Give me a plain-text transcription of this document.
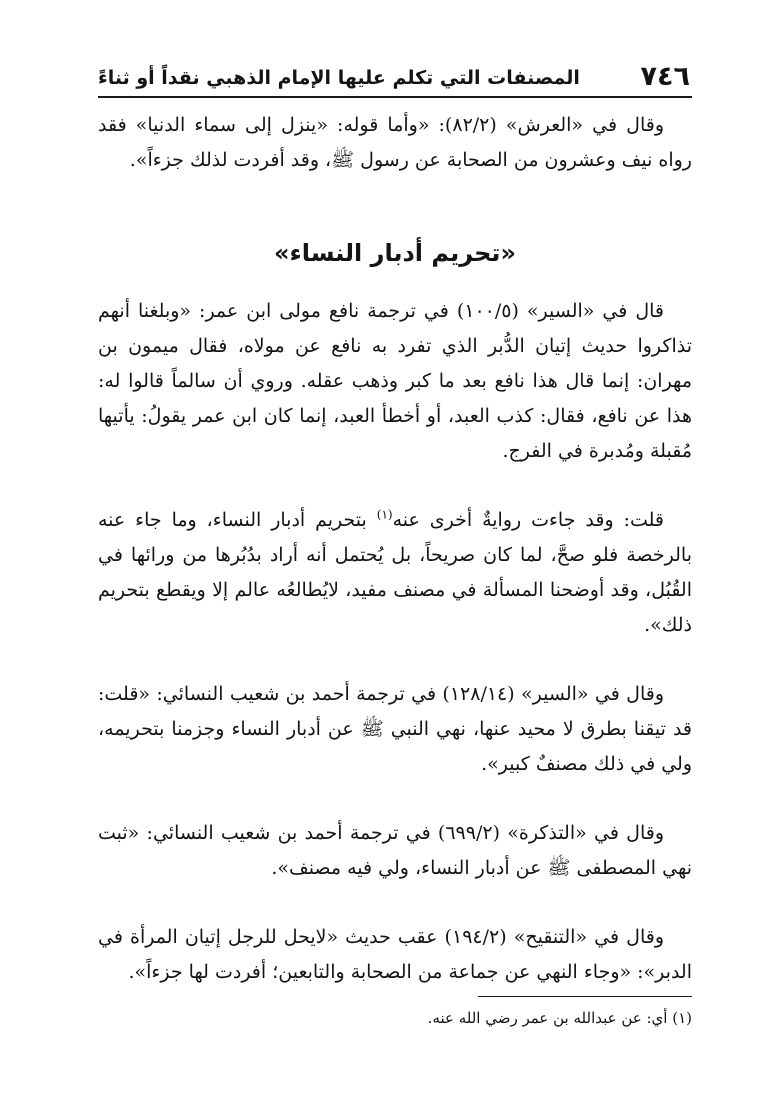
٧٤٦
المصنفات التي تكلم عليها الإمام الذهبي نقداً أو ثناءً

وقال في «العرش» (٨٢/٢): «وأما قوله: «ينزل إلى سماء الدنيا» فقد رواه نيف وعشرون من الصحابة عن رسول ﷺ، وقد أفردت لذلك جزءاً».

«تحريم أدبار النساء»

قال في «السير» (١٠٠/٥) في ترجمة نافع مولى ابن عمر: «وبلغنا أنهم تذاكروا حديث إتيان الدُّبر الذي تفرد به نافع عن مولاه، فقال ميمون بن مهران: إنما قال هذا نافع بعد ما كبر وذهب عقله. وروي أن سالماً قالوا له: هذا عن نافع، فقال: كذب العبد، أو أخطأ العبد، إنما كان ابن عمر يقولُ: يأتيها مُقبلة ومُدبرة في الفرج.

قلت: وقد جاءت روايةٌ أخرى عنه$^{(١)}$ بتحريم أدبار النساء، وما جاء عنه بالرخصة فلو صحَّ، لما كان صريحاً، بل يُحتمل أنه أراد بدُبُرها من ورائها في القُبُل، وقد أوضحنا المسألة في مصنف مفيد، لايُطالعُه عالم إلا ويقطع بتحريم ذلك».

وقال في «السير» (١٢٨/١٤) في ترجمة أحمد بن شعيب النسائي: «قلت: قد تيقنا بطرق لا محيد عنها، نهي النبي ﷺ عن أدبار النساء وجزمنا بتحريمه، ولي في ذلك مصنفٌ كبير».

وقال في «التذكرة» (٦٩٩/٢) في ترجمة أحمد بن شعيب النسائي: «ثبت نهي المصطفى ﷺ عن أدبار النساء، ولي فيه مصنف».

وقال في «التنقيح» (١٩٤/٢) عقب حديث «لايحل للرجل إتيان المرأة في الدبر»: «وجاء النهي عن جماعة من الصحابة والتابعين؛ أفردت لها جزءاً».

(١) أي: عن عبدالله بن عمر رضي الله عنه.
